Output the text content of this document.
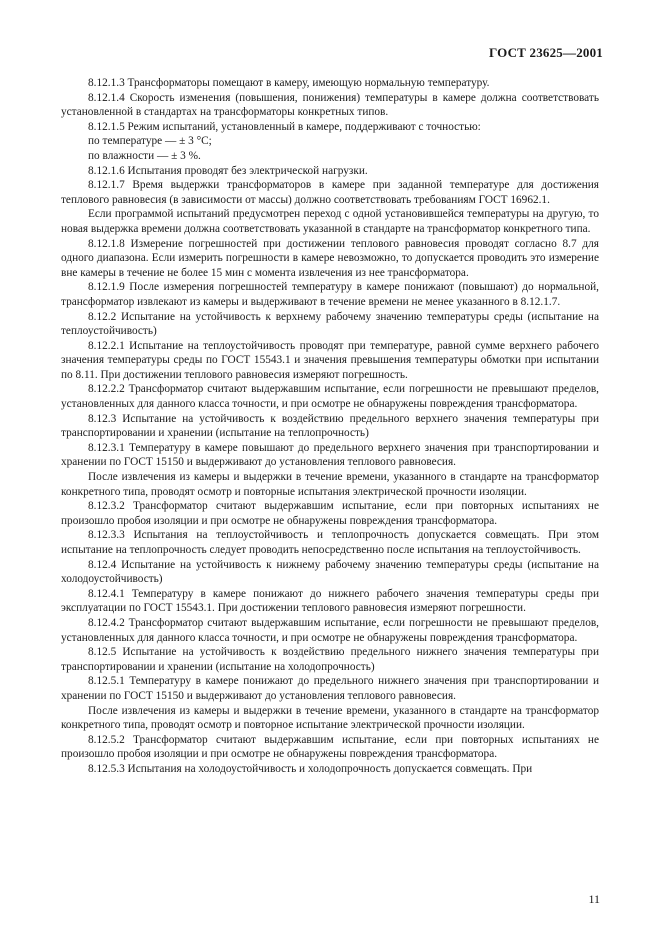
ГОСТ 23625—2001

8.12.1.3 Трансформаторы помещают в камеру, имеющую нормальную температуру.

8.12.1.4 Скорость изменения (повышения, понижения) температуры в камере должна соответствовать установленной в стандартах на трансформаторы конкретных типов.

8.12.1.5 Режим испытаний, установленный в камере, поддерживают с точностью:

по температуре — ± 3 °С;

по влажности — ± 3 %.

8.12.1.6 Испытания проводят без электрической нагрузки.

8.12.1.7 Время выдержки трансформаторов в камере при заданной температуре для достижения теплового равновесия (в зависимости от массы) должно соответствовать требованиям ГОСТ 16962.1.

Если программой испытаний предусмотрен переход с одной установившейся температуры на другую, то новая выдержка времени должна соответствовать указанной в стандарте на трансформатор конкретного типа.

8.12.1.8 Измерение погрешностей при достижении теплового равновесия проводят согласно 8.7 для одного диапазона. Если измерить погрешности в камере невозможно, то допускается проводить это измерение вне камеры в течение не более 15 мин с момента извлечения из нее трансформатора.

8.12.1.9 После измерения погрешностей температуру в камере понижают (повышают) до нормальной, трансформатор извлекают из камеры и выдерживают в течение времени не менее указанного в 8.12.1.7.

8.12.2 Испытание на устойчивость к верхнему рабочему значению температуры среды (испытание на теплоустойчивость)

8.12.2.1 Испытание на теплоустойчивость проводят при температуре, равной сумме верхнего рабочего значения температуры среды по ГОСТ 15543.1 и значения превышения температуры обмотки при испытании по 8.11. При достижении теплового равновесия измеряют погрешность.

8.12.2.2 Трансформатор считают выдержавшим испытание, если погрешности не превышают пределов, установленных для данного класса точности, и при осмотре не обнаружены повреждения трансформатора.

8.12.3 Испытание на устойчивость к воздействию предельного верхнего значения температуры при транспортировании и хранении (испытание на теплопрочность)

8.12.3.1 Температуру в камере повышают до предельного верхнего значения при транспортировании и хранении по ГОСТ 15150 и выдерживают до установления теплового равновесия.

После извлечения из камеры и выдержки в течение времени, указанного в стандарте на трансформатор конкретного типа, проводят осмотр и повторные испытания электрической прочности изоляции.

8.12.3.2 Трансформатор считают выдержавшим испытание, если при повторных испытаниях не произошло пробоя изоляции и при осмотре не обнаружены повреждения трансформатора.

8.12.3.3 Испытания на теплоустойчивость и теплопрочность допускается совмещать. При этом испытание на теплопрочность следует проводить непосредственно после испытания на теплоустойчивость.

8.12.4 Испытание на устойчивость к нижнему рабочему значению температуры среды (испытание на холодоустойчивость)

8.12.4.1 Температуру в камере понижают до нижнего рабочего значения температуры среды при эксплуатации по ГОСТ 15543.1. При достижении теплового равновесия измеряют погрешности.

8.12.4.2 Трансформатор считают выдержавшим испытание, если погрешности не превышают пределов, установленных для данного класса точности, и при осмотре не обнаружены повреждения трансформатора.

8.12.5 Испытание на устойчивость к воздействию предельного нижнего значения температуры при транспортировании и хранении (испытание на холодопрочность)

8.12.5.1 Температуру в камере понижают до предельного нижнего значения при транспортировании и хранении по ГОСТ 15150 и выдерживают до установления теплового равновесия.

После извлечения из камеры и выдержки в течение времени, указанного в стандарте на трансформатор конкретного типа, проводят осмотр и повторное испытание электрической прочности изоляции.

8.12.5.2 Трансформатор считают выдержавшим испытание, если при повторных испытаниях не произошло пробоя изоляции и при осмотре не обнаружены повреждения трансформатора.

8.12.5.3 Испытания на холодоустойчивость и холодопрочность допускается совмещать. При

11
